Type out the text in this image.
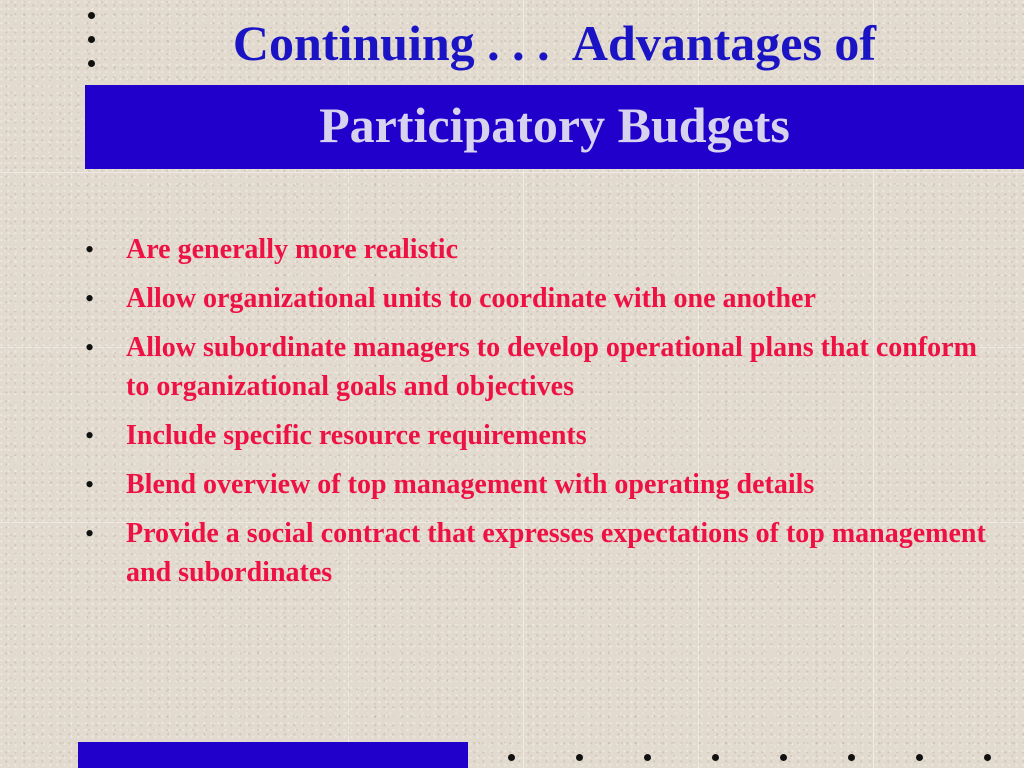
Continuing . . .  Advantages of
Participatory Budgets
• Are generally more realistic
• Allow organizational units to coordinate with one another
• Allow subordinate managers to develop operational plans that conform to organizational goals and objectives
• Include specific resource requirements
• Blend overview of top management with operating details
• Provide a social contract that expresses expectations of top management and subordinates
